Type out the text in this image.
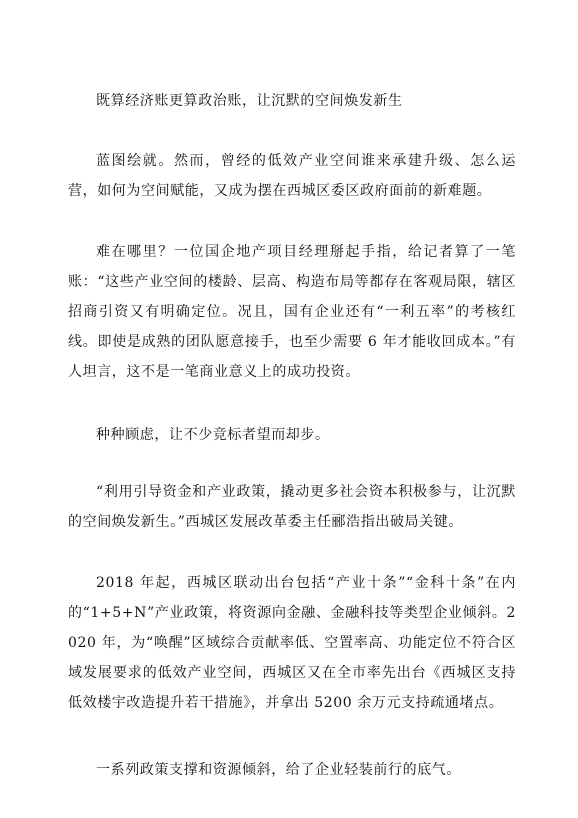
既算经济账更算政治账，让沉默的空间焕发新生

蓝图绘就。然而，曾经的低效产业空间谁来承建升级、怎么运营，如何为空间赋能，又成为摆在西城区委区政府面前的新难题。

难在哪里？一位国企地产项目经理掰起手指，给记者算了一笔账：“这些产业空间的楼龄、层高、构造布局等都存在客观局限，辖区招商引资又有明确定位。况且，国有企业还有“一利五率”的考核红线。即使是成熟的团队愿意接手，也至少需要 6 年才能收回成本。”有人坦言，这不是一笔商业意义上的成功投资。

种种顾虑，让不少竞标者望而却步。

“利用引导资金和产业政策，撬动更多社会资本积极参与，让沉默的空间焕发新生。”西城区发展改革委主任郦浩指出破局关键。

2018 年起，西城区联动出台包括“产业十条”“金科十条”在内的“1+5+N”产业政策，将资源向金融、金融科技等类型企业倾斜。2020 年，为“唤醒”区域综合贡献率低、空置率高、功能定位不符合区域发展要求的低效产业空间，西城区又在全市率先出台《西城区支持低效楼宇改造提升若干措施》，并拿出 5200 余万元支持疏通堵点。

一系列政策支撑和资源倾斜，给了企业轻装前行的底气。
